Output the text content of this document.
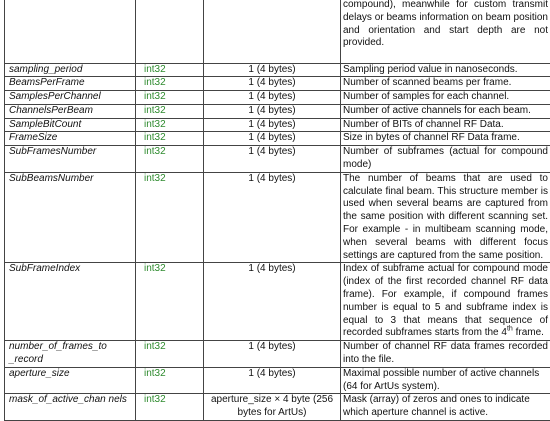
			compound), meanwhile for custom transmit delays or beams information on beam position and orientation and start depth are not provided.
sampling_period	int32	1 (4 bytes)	Sampling period value in nanoseconds.
BeamsPerFrame	int32	1 (4 bytes)	Number of scanned beams per frame.
SamplesPerChannel	int32	1 (4 bytes)	Number of samples for each channel.
ChannelsPerBeam	int32	1 (4 bytes)	Number of active channels for each beam.
SampleBitCount	int32	1 (4 bytes)	Number of BITs of channel RF Data.
FrameSize	int32	1 (4 bytes)	Size in bytes of channel RF Data frame.
SubFramesNumber	int32	1 (4 bytes)	Number of subframes (actual for compound mode)
SubBeamsNumber	int32	1 (4 bytes)	The number of beams that are used to calculate final beam. This structure member is used when several beams are captured from the same position with different scanning set. For example - in multibeam scanning mode, when several beams with different focus settings are captured from the same position.
SubFrameIndex	int32	1 (4 bytes)	Index of subframe actual for compound mode (index of the first recorded channel RF data frame). For example, if compound frames number is equal to 5 and subframe index is equal to 3 that means that sequence of recorded subframes starts from the 4th frame.
number_of_frames_to _record	int32	1 (4 bytes)	Number of channel RF data frames recorded into the file.
aperture_size	int32	1 (4 bytes)	Maximal possible number of active channels (64 for ArtUs system).
mask_of_active_chan nels	int32	aperture_size × 4 byte (256 bytes for ArtUs)	Mask (array) of zeros and ones to indicate which aperture channel is active.
